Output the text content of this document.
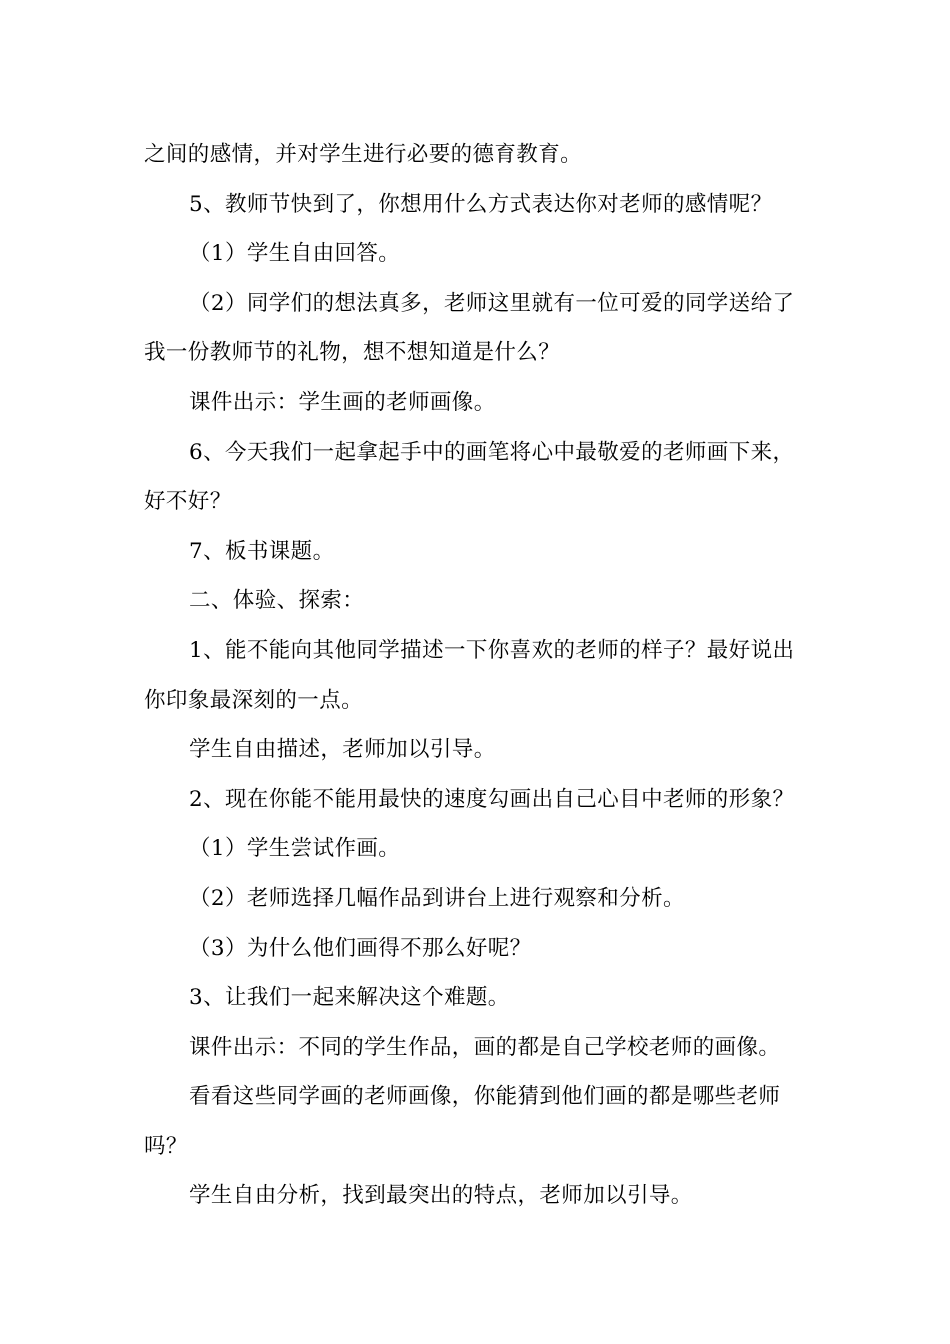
之间的感情，并对学生进行必要的德育教育。

5、教师节快到了，你想用什么方式表达你对老师的感情呢？

（1）学生自由回答。

（2）同学们的想法真多，老师这里就有一位可爱的同学送给了我一份教师节的礼物，想不想知道是什么？

课件出示：学生画的老师画像。

6、今天我们一起拿起手中的画笔将心中最敬爱的老师画下来，好不好？

7、板书课题。

二、体验、探索：

1、能不能向其他同学描述一下你喜欢的老师的样子？最好说出你印象最深刻的一点。

学生自由描述，老师加以引导。

2、现在你能不能用最快的速度勾画出自己心目中老师的形象？

（1）学生尝试作画。

（2）老师选择几幅作品到讲台上进行观察和分析。

（3）为什么他们画得不那么好呢？

3、让我们一起来解决这个难题。

课件出示：不同的学生作品，画的都是自己学校老师的画像。

看看这些同学画的老师画像，你能猜到他们画的都是哪些老师吗？

学生自由分析，找到最突出的特点，老师加以引导。
